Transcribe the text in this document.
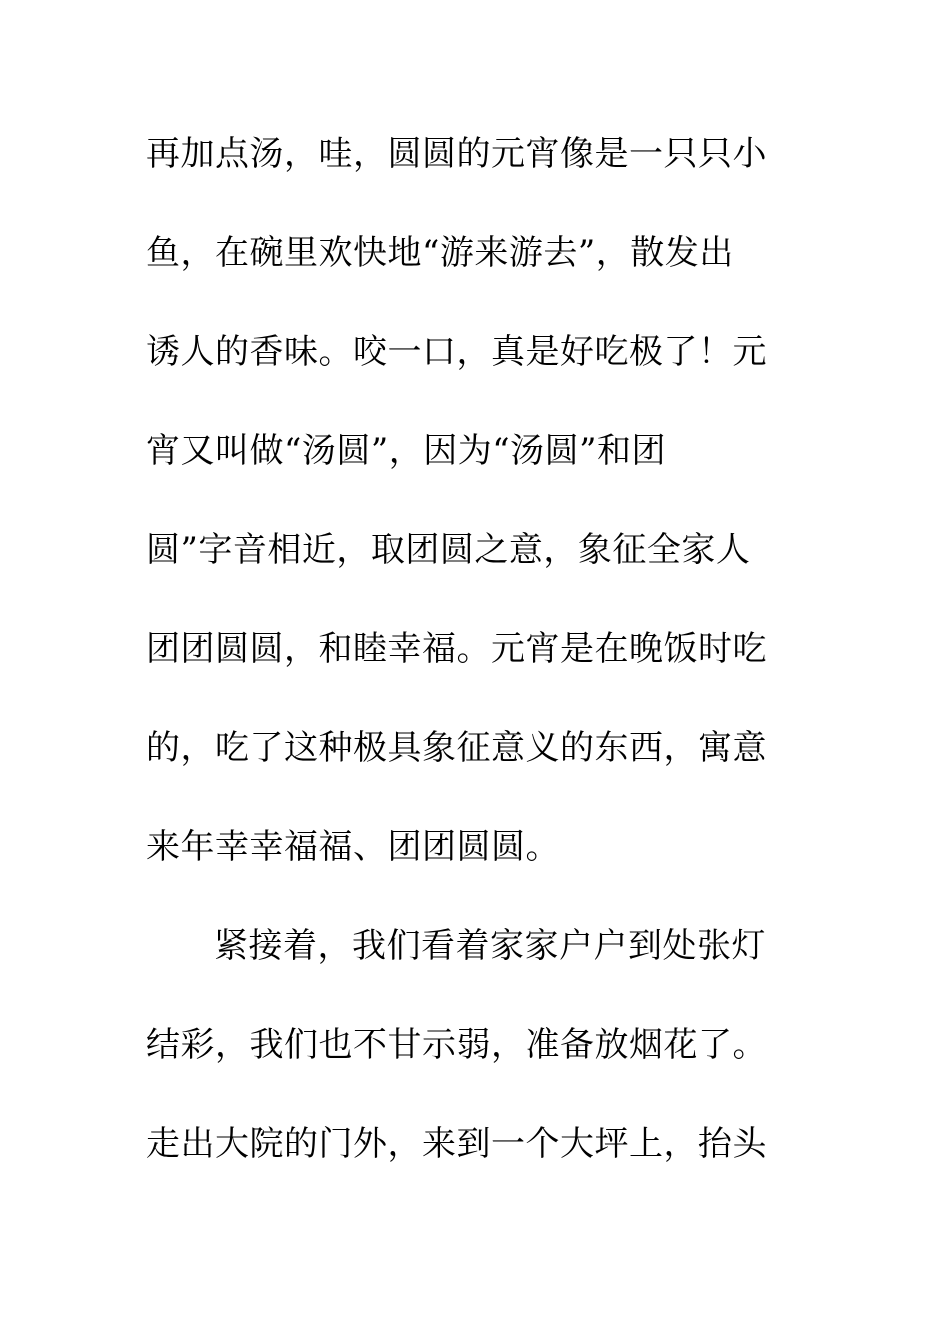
再加点汤，哇，圆圆的元宵像是一只只小
鱼，在碗里欢快地“游来游去”，散发出
诱人的香味。咬一口，真是好吃极了！元
宵又叫做“汤圆”，因为“汤圆”和团
圆”字音相近，取团圆之意，象征全家人
团团圆圆，和睦幸福。元宵是在晚饭时吃
的，吃了这种极具象征意义的东西，寓意
来年幸幸福福、团团圆圆。
紧接着，我们看着家家户户到处张灯
结彩，我们也不甘示弱，准备放烟花了。
走出大院的门外，来到一个大坪上，抬头
